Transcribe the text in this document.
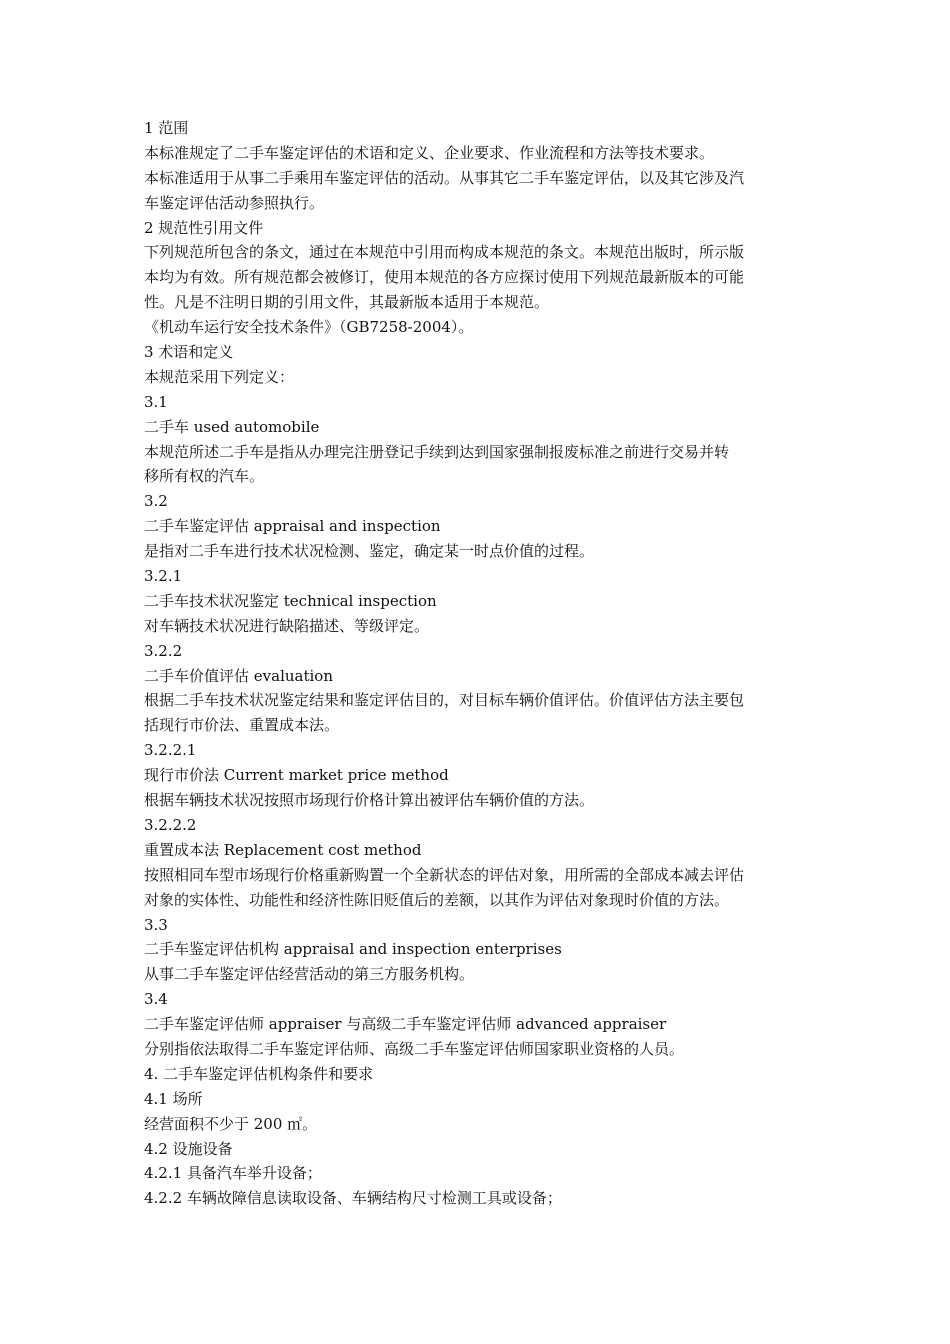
1 范围
本标准规定了二手车鉴定评估的术语和定义、企业要求、作业流程和方法等技术要求。
本标准适用于从事二手乘用车鉴定评估的活动。从事其它二手车鉴定评估，以及其它涉及汽
车鉴定评估活动参照执行。
2 规范性引用文件
下列规范所包含的条文，通过在本规范中引用而构成本规范的条文。本规范出版时，所示版
本均为有效。所有规范都会被修订，使用本规范的各方应探讨使用下列规范最新版本的可能
性。凡是不注明日期的引用文件，其最新版本适用于本规范。
《机动车运行安全技术条件》（GB7258-2004）。
3 术语和定义
本规范采用下列定义：
3.1
二手车 used automobile
本规范所述二手车是指从办理完注册登记手续到达到国家强制报废标准之前进行交易并转
移所有权的汽车。
3.2
二手车鉴定评估 appraisal and inspection
是指对二手车进行技术状况检测、鉴定，确定某一时点价值的过程。
3.2.1
二手车技术状况鉴定 technical inspection
对车辆技术状况进行缺陷描述、等级评定。
3.2.2
二手车价值评估 evaluation
根据二手车技术状况鉴定结果和鉴定评估目的，对目标车辆价值评估。价值评估方法主要包
括现行市价法、重置成本法。
3.2.2.1
现行市价法 Current market price method
根据车辆技术状况按照市场现行价格计算出被评估车辆价值的方法。
3.2.2.2
重置成本法 Replacement cost method
按照相同车型市场现行价格重新购置一个全新状态的评估对象，用所需的全部成本减去评估
对象的实体性、功能性和经济性陈旧贬值后的差额，以其作为评估对象现时价值的方法。
3.3
二手车鉴定评估机构 appraisal and inspection enterprises
从事二手车鉴定评估经营活动的第三方服务机构。
3.4
二手车鉴定评估师 appraiser 与高级二手车鉴定评估师 advanced appraiser
分别指依法取得二手车鉴定评估师、高级二手车鉴定评估师国家职业资格的人员。
4. 二手车鉴定评估机构条件和要求
4.1 场所
经营面积不少于 200 ㎡。
4.2 设施设备
4.2.1 具备汽车举升设备；
4.2.2 车辆故障信息读取设备、车辆结构尺寸检测工具或设备；
